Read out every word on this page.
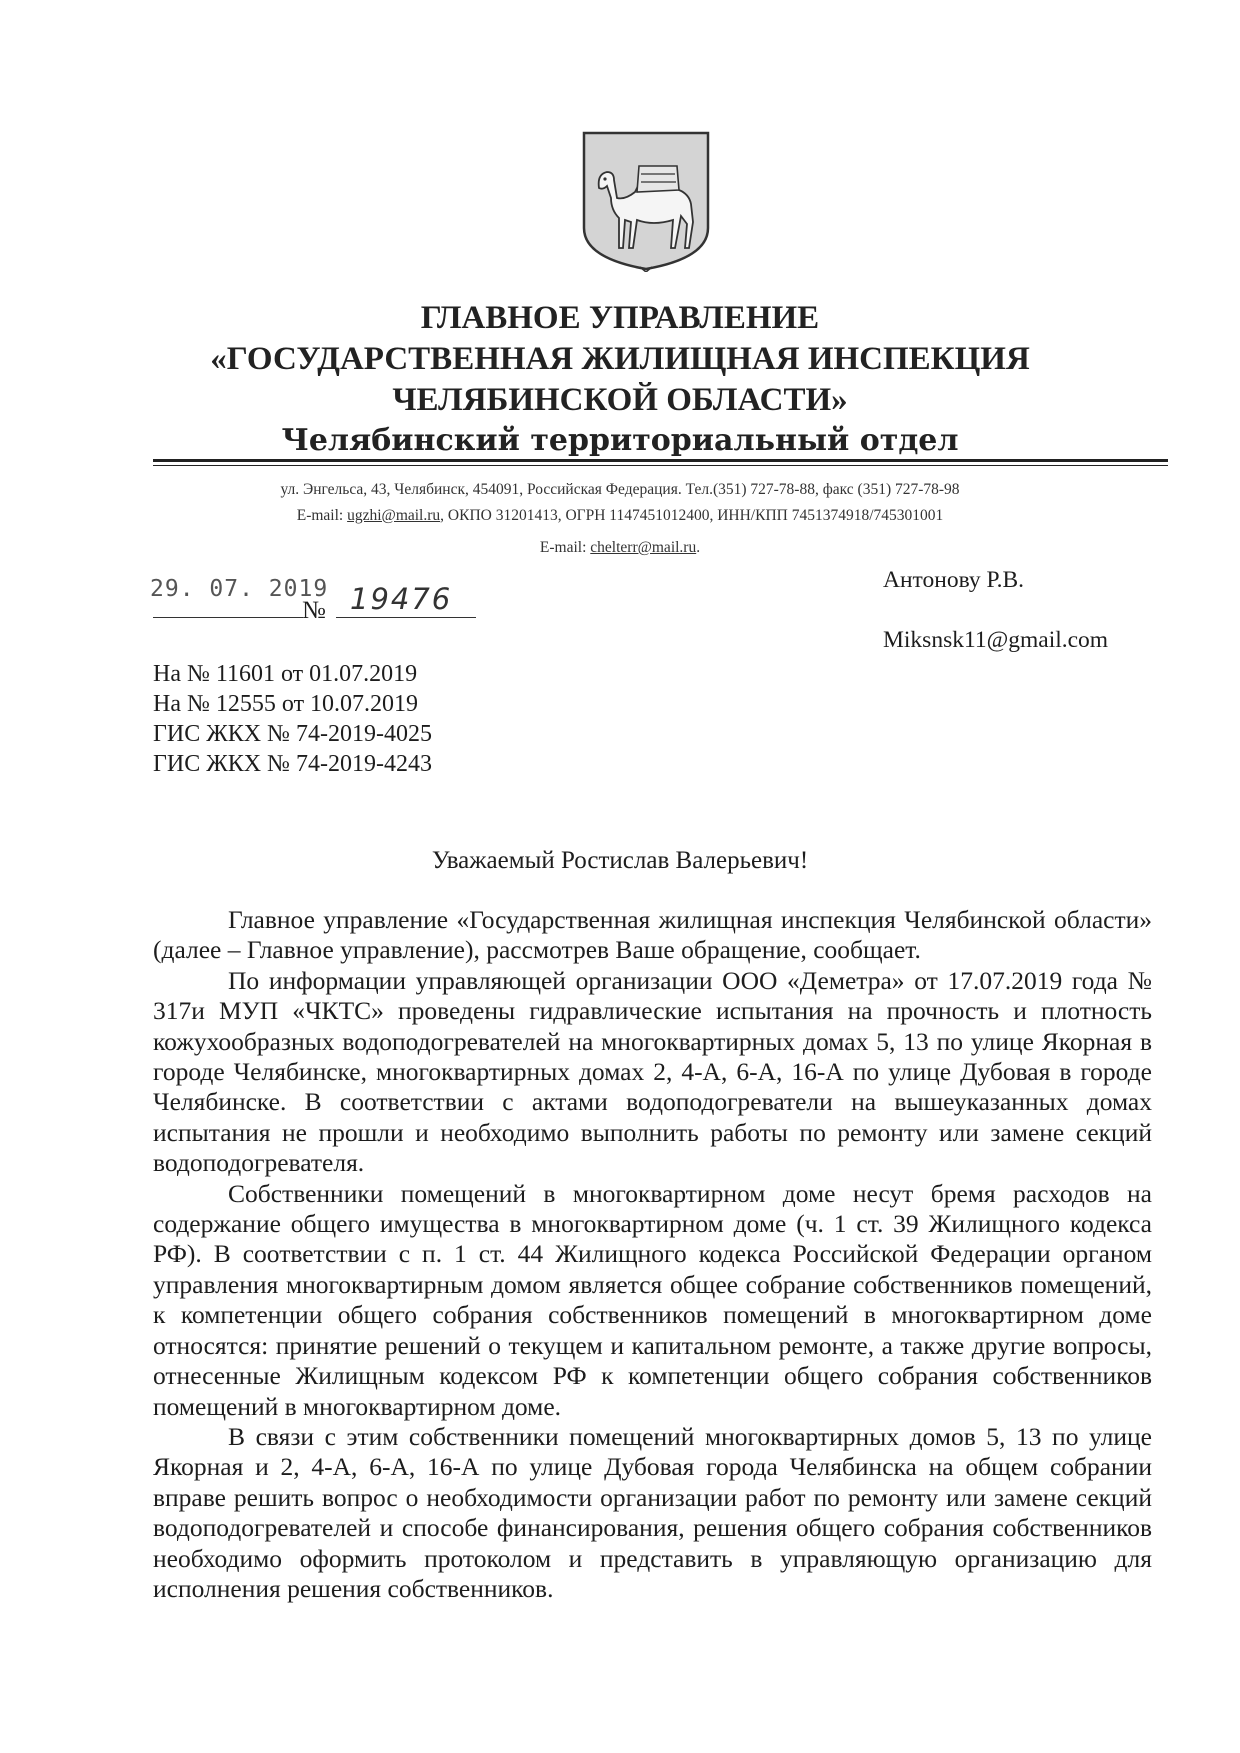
ГЛАВНОЕ УПРАВЛЕНИЕ
«ГОСУДАРСТВЕННАЯ ЖИЛИЩНАЯ ИНСПЕКЦИЯ
ЧЕЛЯБИНСКОЙ ОБЛАСТИ»
Челябинский территориальный отдел
ул. Энгельса, 43, Челябинск, 454091, Российская Федерация. Тел.(351) 727-78-88, факс (351) 727-78-98
E-mail: ugzhi@mail.ru, ОКПО 31201413, ОГРН 1147451012400, ИНН/КПП 7451374918/745301001
E-mail: chelterr@mail.ru.
29. 07. 2019
№ 19476
Антонову Р.В.
Miksnsk11@gmail.com
На № 11601 от 01.07.2019
На № 12555 от 10.07.2019
ГИС ЖКХ № 74-2019-4025
ГИС ЖКХ № 74-2019-4243
Уважаемый Ростислав Валерьевич!

Главное управление «Государственная жилищная инспекция Челябинской области» (далее – Главное управление), рассмотрев Ваше обращение, сообщает.

По информации управляющей организации ООО «Деметра» от 17.07.2019 года № 317и МУП «ЧКТС» проведены гидравлические испытания на прочность и плотность кожухообразных водоподогревателей на многоквартирных домах 5, 13 по улице Якорная в городе Челябинске, многоквартирных домах 2, 4-А, 6-А, 16-А по улице Дубовая в городе Челябинске. В соответствии с актами водоподогреватели на вышеуказанных домах испытания не прошли и необходимо выполнить работы по ремонту или замене секций водоподогревателя.

Собственники помещений в многоквартирном доме несут бремя расходов на содержание общего имущества в многоквартирном доме (ч. 1 ст. 39 Жилищного кодекса РФ). В соответствии с п. 1 ст. 44 Жилищного кодекса Российской Федерации органом управления многоквартирным домом является общее собрание собственников помещений, к компетенции общего собрания собственников помещений в многоквартирном доме относятся: принятие решений о текущем и капитальном ремонте, а также другие вопросы, отнесенные Жилищным кодексом РФ к компетенции общего собрания собственников помещений в многоквартирном доме.

В связи с этим собственники помещений многоквартирных домов 5, 13 по улице Якорная и 2, 4-А, 6-А, 16-А по улице Дубовая города Челябинска на общем собрании вправе решить вопрос о необходимости организации работ по ремонту или замене секций водоподогревателей и способе финансирования, решения общего собрания собственников необходимо оформить протоколом и представить в управляющую организацию для исполнения решения собственников.
